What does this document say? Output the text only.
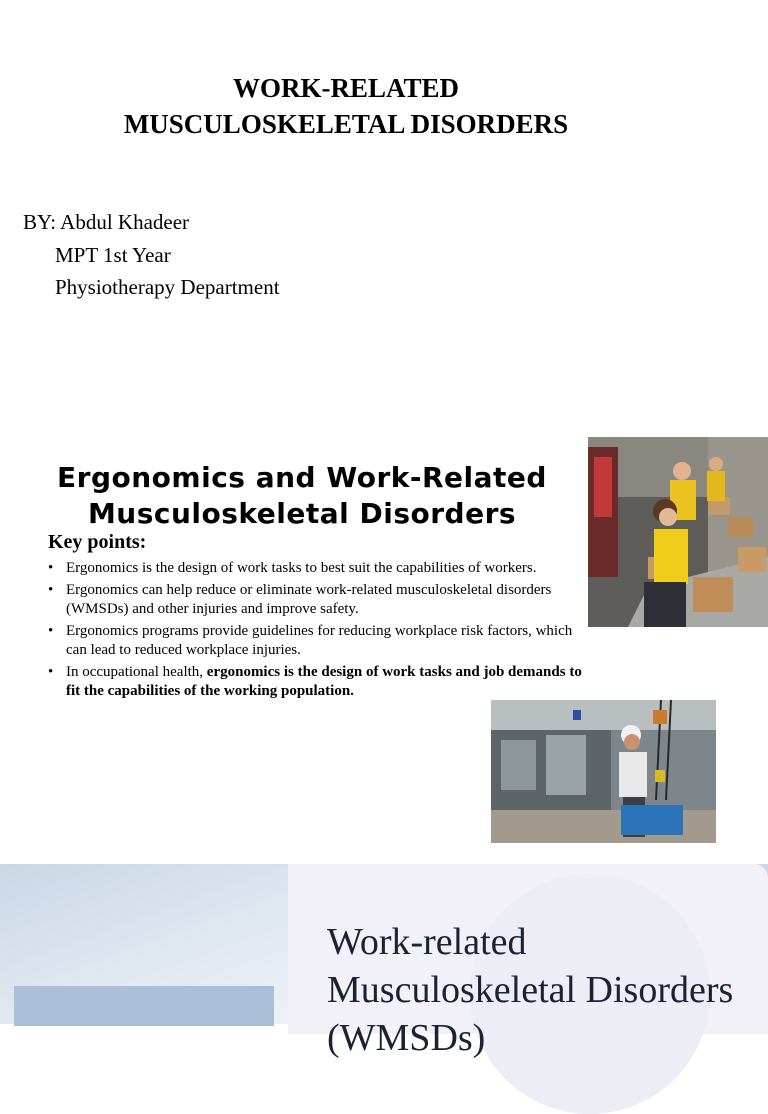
WORK-RELATED
MUSCULOSKELETAL DISORDERS
BY: Abdul Khadeer
MPT 1st Year
Physiotherapy Department
Ergonomics and Work-Related
Musculoskeletal Disorders
Key points:
• Ergonomics is the design of work tasks to best suit the capabilities of workers.
• Ergonomics can help reduce or eliminate work-related musculoskeletal disorders (WMSDs) and other injuries and improve safety.
• Ergonomics programs provide guidelines for reducing workplace risk factors, which can lead to reduced workplace injuries.
• In occupational health, ergonomics is the design of work tasks and job demands to fit the capabilities of the working population.
Work-related Musculoskeletal Disorders (WMSDs)
